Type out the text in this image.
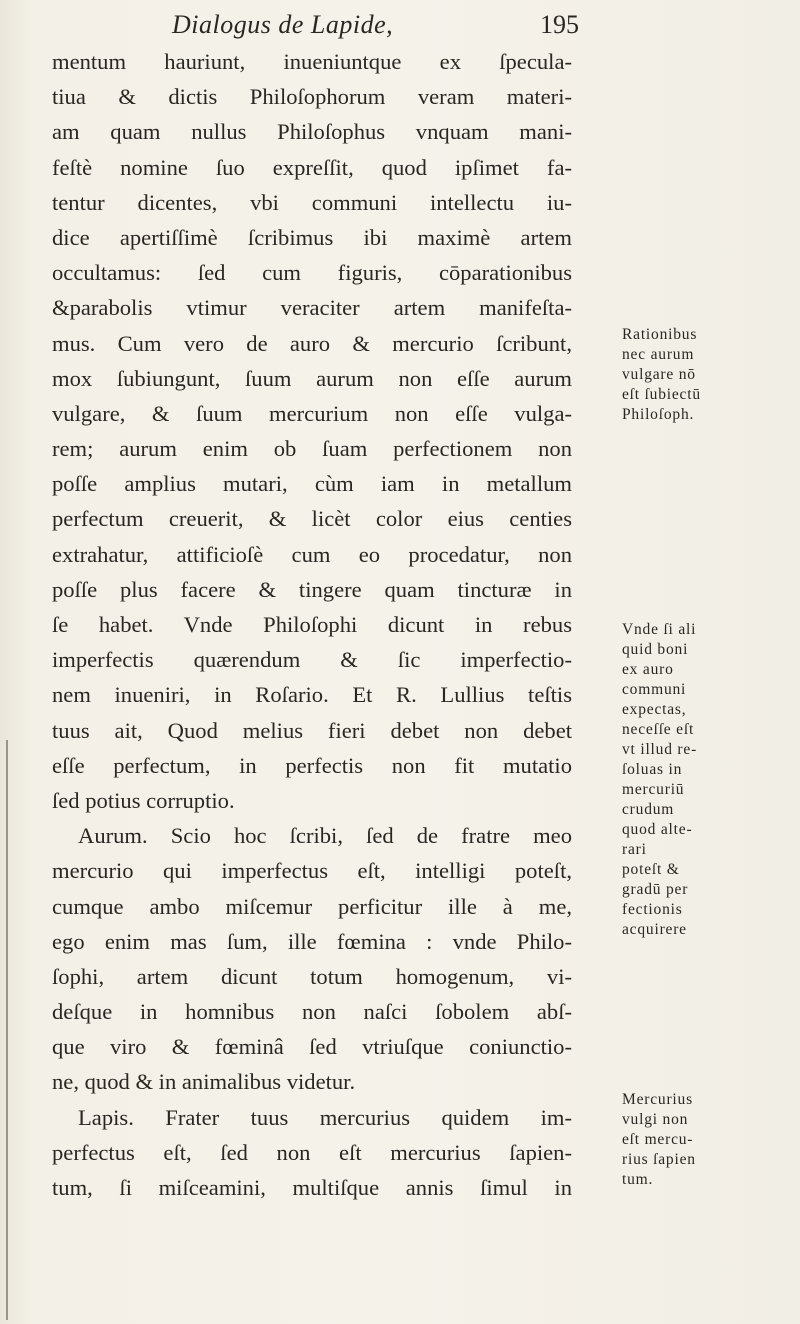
Dialogus de Lapide,	195
mentum hauriunt, inueniuntque ex ſpecula-
tiua & dictis Philoſophorum veram materi-
am quam nullus Philoſophus vnquam mani-
feſtè nomine ſuo expreſſit, quod ipſimet fa-
tentur dicentes, vbi communi intellectu iu-
dice apertiſſimè ſcribimus ibi maximè artem
occultamus: ſed cum figuris, cōparationibus
&parabolis vtimur veraciter artem manifeſta-
mus. Cum vero de auro & mercurio ſcribunt,
mox ſubiungunt, ſuum aurum non eſſe aurum
vulgare, & ſuum mercurium non eſſe vulga-
rem; aurum enim ob ſuam perfectionem non
poſſe amplius mutari, cùm iam in metallum
perfectum creuerit, & licèt color eius centies
extrahatur, attificioſè cum eo procedatur, non
poſſe plus facere & tingere quam tincturæ in
ſe habet. Vnde Philoſophi dicunt in rebus
imperfectis quærendum & ſic imperfectio-
nem inueniri, in Roſario. Et R. Lullius teſtis
tuus ait, Quod melius fieri debet non debet
eſſe perfectum, in perfectis non fit mutatio
ſed potius corruptio.
Aurum. Scio hoc ſcribi, ſed de fratre meo
mercurio qui imperfectus eſt, intelligi poteſt,
cumque ambo miſcemur perficitur ille à me,
ego enim mas ſum, ille fœmina : vnde Philo-
ſophi, artem dicunt totum homogenum, vi-
deſque in homnibus non naſci ſobolem abſ-
que viro & fœminâ ſed vtriuſque coniunctio-
ne, quod & in animalibus videtur.
Lapis. Frater tuus mercurius quidem im-
perfectus eſt, ſed non eſt mercurius ſapien-
tum, ſi miſceamini, multiſque annis ſimul in
Rationibus
nec aurum
vulgare nō
eſt ſubiectū
Philoſoph.
Vnde ſi ali
quid boni
ex auro
communi
expectas,
neceſſe eſt
vt illud re-
ſoluas in
mercuriū
crudum
quod alte-
rari
poteſt &
gradū per
fectionis
acquirere
Mercurius
vulgi non
eſt mercu-
rius ſapien
tum.
